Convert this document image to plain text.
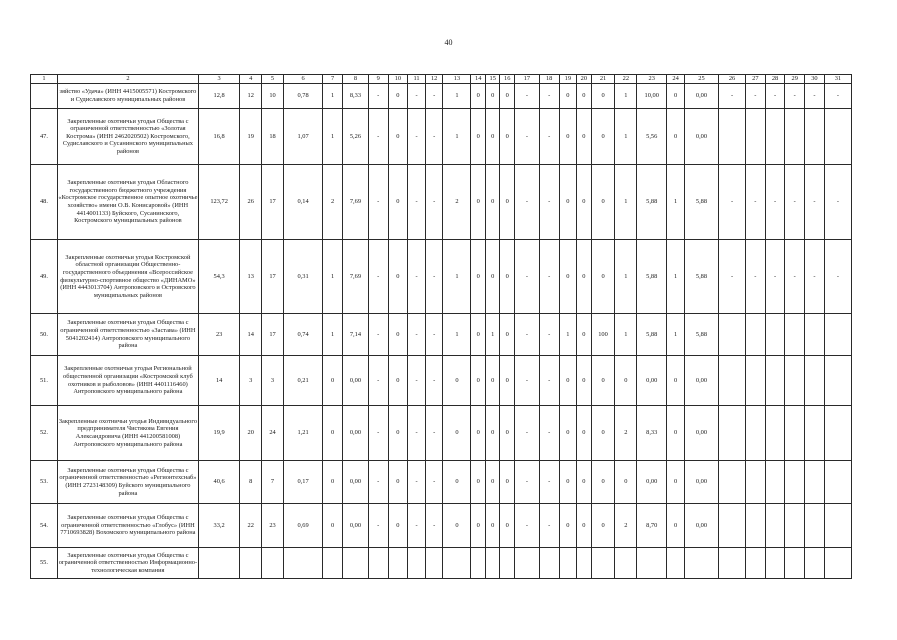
40
1	2	3	4	5	6	7	8	9	10	11	12	13	14	15	16	17	18	19	20	21	22	23	24	25	26	27	28	29	30	31
	зяйство «Удача» (ИНН 4415005571) Костромского и Судиславского муниципальных районов	12,8	12	10	0,78	1	8,33	-	0	-	-	1	0	0	0	-	-	0	0	0	1	10,00	0	0,00	-	-	-	-	-	-
47.	Закрепленные охотничьи угодья Общества с ограниченной ответственностью «Золотая Кострома» (ИНН 2462020502) Костромского, Судиславского и Сусанинского муниципальных районов	16,8	19	18	1,07	1	5,26	-	0	-	-	1	0	0	0	-	-	0	0	0	1	5,56	0	0,00						
48.	Закрепленные охотничьи угодья Областного государственного бюджетного учреждения «Костромское государственное опытное охотничье хозяйство» имени О.В. Конисаровой» (ИНН 4414001133) Буйского, Сусанинского, Костромского муниципальных районов	123,72	26	17	0,14	2	7,69	-	0	-	-	2	0	0	0	-	-	0	0	0	1	5,88	1	5,88	-	-	-	-	-	-
49.	Закрепленные охотничьи угодья Костромской областной организации Общественно-государственного объединения «Всероссийское физкультурно-спортивное общество «ДИНАМО» (ИНН 4443013704) Антроповского и Островского муниципальных районов	54,3	13	17	0,31	1	7,69	-	0	-	-	1	0	0	0	-	-	0	0	0	1	5,88	1	5,88	-	-	-	-	-	-
50.	Закрепленные охотничьи угодья Общества с ограниченной ответственностью «Застава» (ИНН 5041202414) Антроповского муниципального района	23	14	17	0,74	1	7,14	-	0	-	-	1	0	1	0	-	-	1	0	100	1	5,88	1	5,88						
51.	Закрепленные охотничьи угодья Региональной общественной организации «Костромской клуб охотников и рыболовов» (ИНН 4401116460) Антроповского муниципального района	14	3	3	0,21	0	0,00	-	0	-	-	0	0	0	0	-	-	0	0	0	0	0,00	0	0,00						
52.	Закрепленные охотничьи угодья Индивидуального предпринимателя Чистякова Евгения Александровича (ИНН 441200581008) Антроповского муниципального района	19,9	20	24	1,21	0	0,00	-	0	-	-	0	0	0	0	-	-	0	0	0	2	8,33	0	0,00						
53.	Закрепленные охотничьи угодья Общества с ограниченной ответственностью «Регионтехснаб» (ИНН 2723148309) Буйского муниципального района	40,6	8	7	0,17	0	0,00	-	0	-	-	0	0	0	0	-	-	0	0	0	0	0,00	0	0,00						
54.	Закрепленные охотничьи угодья Общества с ограниченной ответственностью «Глобус» (ИНН 7710693828) Вохомского муниципального района	33,2	22	23	0,69	0	0,00	-	0	-	-	0	0	0	0	-	-	0	0	0	2	8,70	0	0,00						
55.	Закрепленные охотничьи угодья Общества с ограниченной ответственностью Информационно-технологическая компания																													
